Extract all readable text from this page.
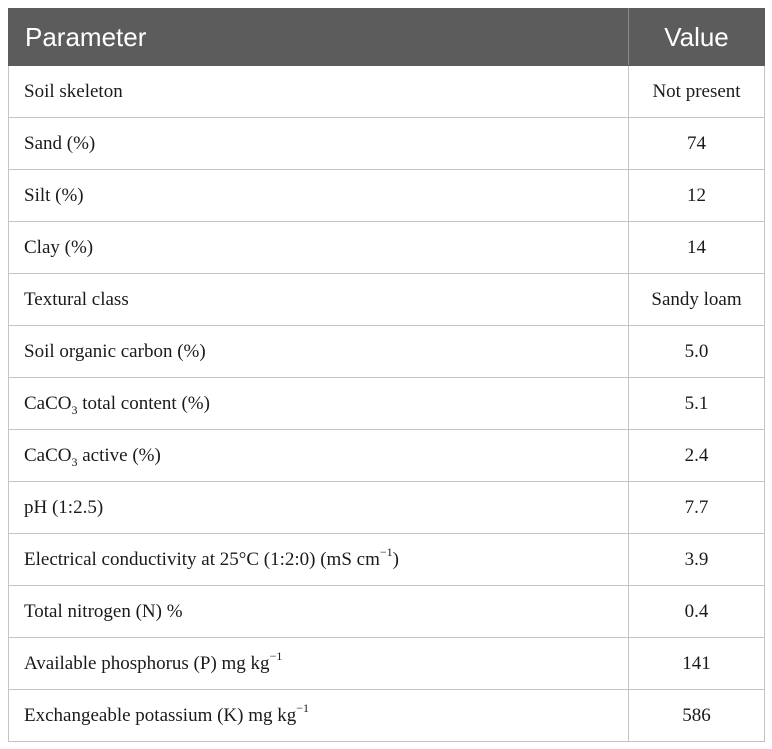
Parameter	Value
Soil skeleton	Not present
Sand (%)	74
Silt (%)	12
Clay (%)	14
Textural class	Sandy loam
Soil organic carbon (%)	5.0
CaCO$_3$ total content (%)	5.1
CaCO$_3$ active (%)	2.4
pH (1:2.5)	7.7
Electrical conductivity at 25°C (1:2:0) (mS $cm^{-1}$)	3.9
Total nitrogen (N) %	0.4
Available phosphorus (P) mg $kg^{-1}$	141
Exchangeable potassium (K) mg $kg^{-1}$	586
